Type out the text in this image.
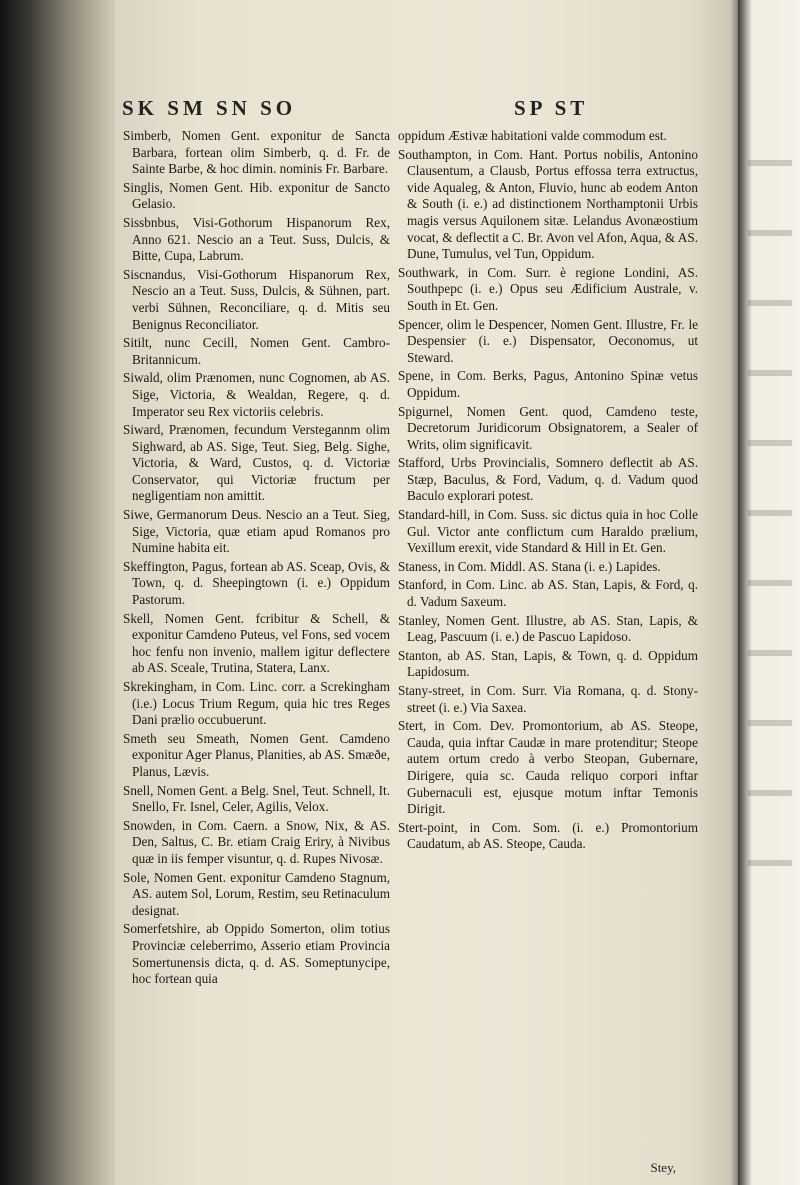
SK SM SN SO	SP ST

Simberb, Nomen Gent. exponitur de Sancta Barbara, fortean olim Simberb, q. d. Fr. de Sainte Barbe, & hoc dimin. nominis Fr. Barbare.

Singlis, Nomen Gent. Hib. exponitur de Sancto Gelasio.

Sissbnbus, Visi-Gothorum Hispanorum Rex, Anno 621. Nescio an a Teut. Suss, Dulcis, & Bitte, Cupa, Labrum.

Siscnandus, Visi-Gothorum Hispanorum Rex, Nescio an a Teut. Suss, Dulcis, & Sühnen, part. verbi Sühnen, Reconciliare, q. d. Mitis seu Benignus Reconciliator.

Sitilt, nunc Cecill, Nomen Gent. Cambro-Britannicum.

Siwald, olim Prænomen, nunc Cognomen, ab AS. Sige, Victoria, & Wealdan, Regere, q. d. Imperator seu Rex victoriis celebris.

Siward, Prænomen, fecundum Verstegannm olim Sighward, ab AS. Sige, Teut. Sieg, Belg. Sighe, Victoria, & Ward, Custos, q. d. Victoriæ Conservator, qui Victoriæ fructum per negligentiam non amittit.

Siwe, Germanorum Deus. Nescio an a Teut. Sieg, Sige, Victoria, quæ etiam apud Romanos pro Numine habita eit.

Skeffington, Pagus, fortean ab AS. Sceap, Ovis, & Town, q. d. Sheepingtown (i. e.) Oppidum Pastorum.

Skell, Nomen Gent. fcribitur & Schell, & exponitur Camdeno Puteus, vel Fons, sed vocem hoc fenfu non invenio, mallem igitur deflectere ab AS. Sceale, Trutina, Statera, Lanx.

Skrekingham, in Com. Linc. corr. a Screkingham (i.e.) Locus Trium Regum, quia hic tres Reges Dani prælio occubuerunt.

Smeth seu Smeath, Nomen Gent. Camdeno exponitur Ager Planus, Planities, ab AS. Smæðe, Planus, Lævis.

Snell, Nomen Gent. a Belg. Snel, Teut. Schnell, It. Snello, Fr. Isnel, Celer, Agilis, Velox.

Snowden, in Com. Caern. a Snow, Nix, & AS. Den, Saltus, C. Br. etiam Craig Eriry, à Nivibus quæ in iis femper visuntur, q. d. Rupes Nivosæ.

Sole, Nomen Gent. exponitur Camdeno Stagnum, AS. autem Sol, Lorum, Restim, seu Retinaculum designat.

Somerfetshire, ab Oppido Somerton, olim totius Provinciæ celeberrimo, Asserio etiam Provincia Somertunensis dicta, q. d. AS. Someptunycipe, hoc fortean quia

oppidum Æstivæ habitationi valde commodum est.

Southampton, in Com. Hant. Portus nobilis, Antonino Clausentum, a Clausb, Portus effossa terra extructus, vide Aqualeg, & Anton, Fluvio, hunc ab eodem Anton & South (i. e.) ad distinctionem Northamptonii Urbis magis versus Aquilonem sitæ. Lelandus Avonæostium vocat, & deflectit a C. Br. Avon vel Afon, Aqua, & AS. Dune, Tumulus, vel Tun, Oppidum.

Southwark, in Com. Surr. è regione Londini, AS. Southpepc (i. e.) Opus seu Ædificium Australe, v. South in Et. Gen.

Spencer, olim le Despencer, Nomen Gent. Illustre, Fr. le Despensier (i. e.) Dispensator, Oeconomus, ut Steward.

Spene, in Com. Berks, Pagus, Antonino Spinæ vetus Oppidum.

Spigurnel, Nomen Gent. quod, Camdeno teste, Decretorum Juridicorum Obsignatorem, a Sealer of Writs, olim significavit.

Stafford, Urbs Provincialis, Somnero deflectit ab AS. Stæp, Baculus, & Ford, Vadum, q. d. Vadum quod Baculo explorari potest.

Standard-hill, in Com. Suss. sic dictus quia in hoc Colle Gul. Victor ante conflictum cum Haraldo prælium, Vexillum erexit, vide Standard & Hill in Et. Gen.

Staness, in Com. Middl. AS. Stana (i. e.) Lapides.

Stanford, in Com. Linc. ab AS. Stan, Lapis, & Ford, q. d. Vadum Saxeum.

Stanley, Nomen Gent. Illustre, ab AS. Stan, Lapis, & Leag, Pascuum (i. e.) de Pascuo Lapidoso.

Stanton, ab AS. Stan, Lapis, & Town, q. d. Oppidum Lapidosum.

Stany-street, in Com. Surr. Via Romana, q. d. Stony-street (i. e.) Via Saxea.

Stert, in Com. Dev. Promontorium, ab AS. Steope, Cauda, quia inftar Caudæ in mare protenditur; Steope autem ortum credo à verbo Steopan, Gubernare, Dirigere, quia sc. Cauda reliquo corpori inftar Gubernaculi est, ejusque motum inftar Temonis Dirigit.

Stert-point, in Com. Som. (i. e.) Promontorium Caudatum, ab AS. Steope, Cauda.

Stey,
